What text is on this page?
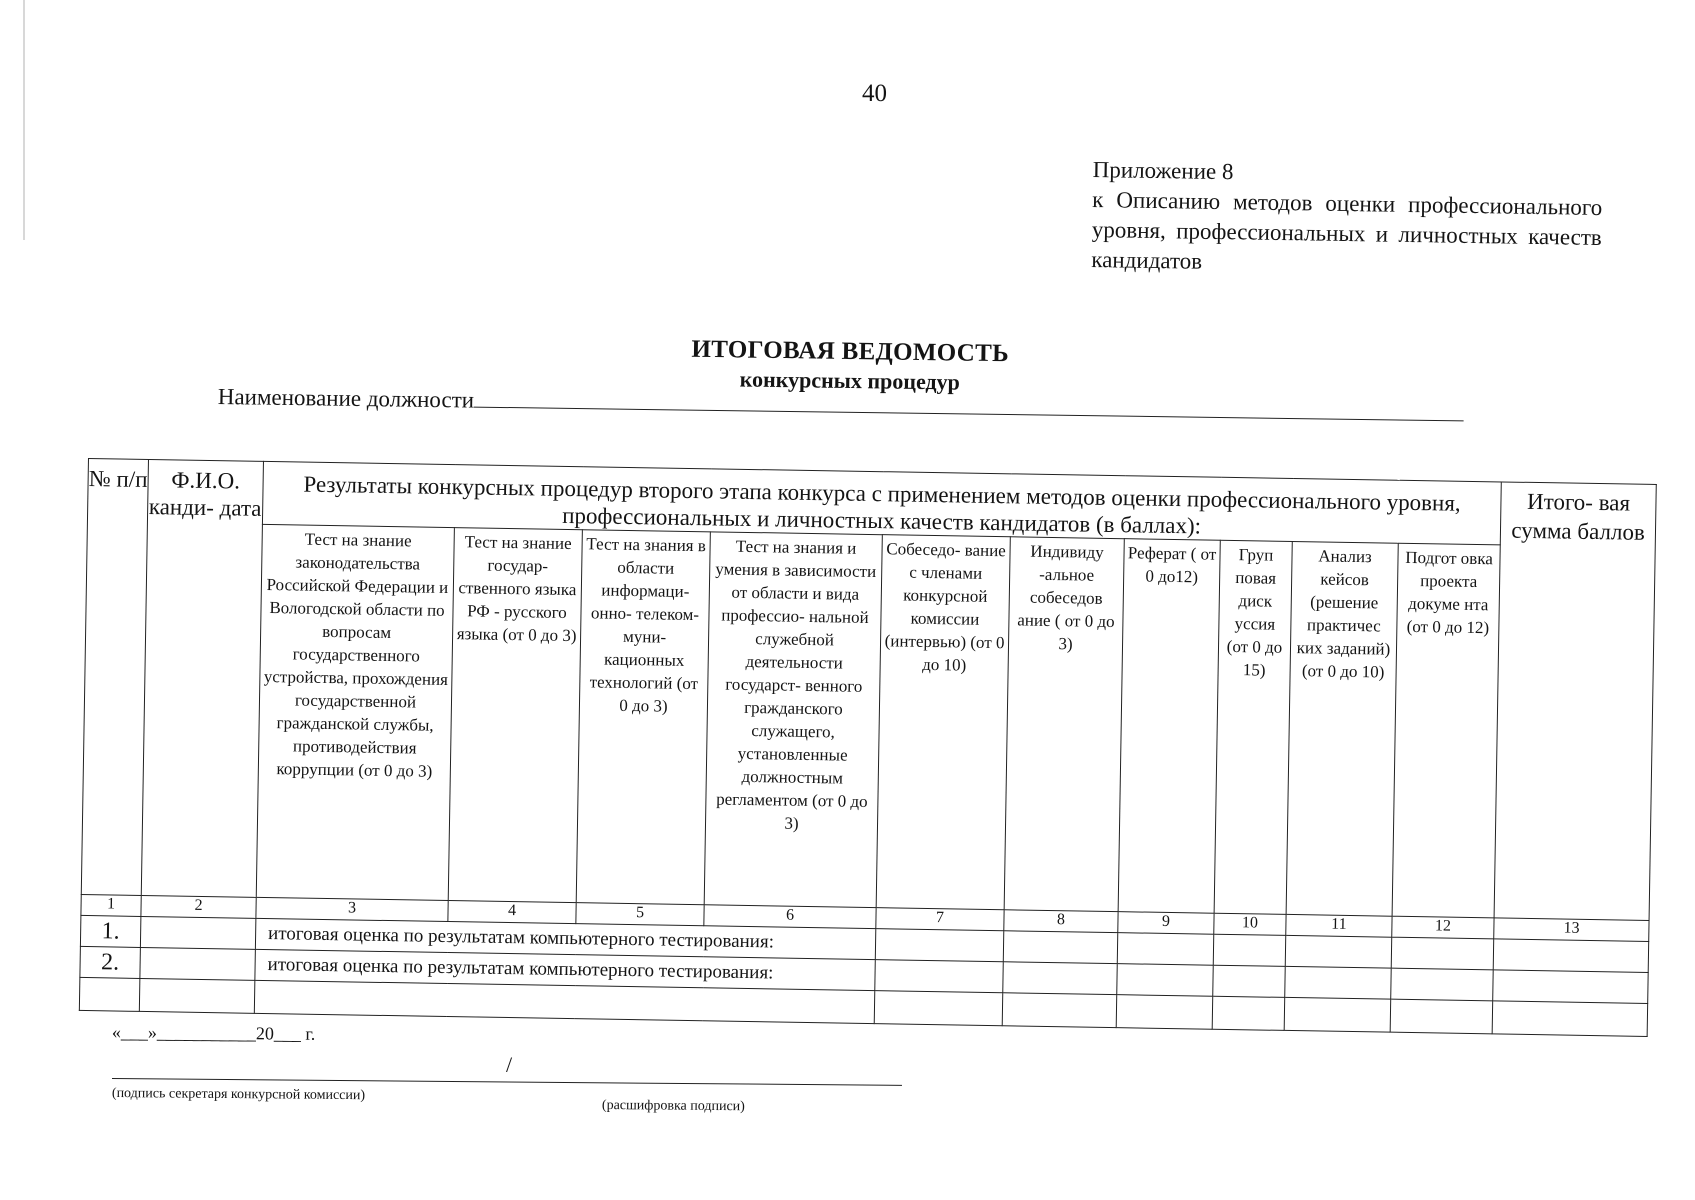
40
Приложение 8
к Описанию методов оценки профессионального уровня, профессиональных и личностных качеств кандидатов
ИТОГОВАЯ ВЕДОМОСТЬ
конкурсных процедур
Наименование должности
№ п/п	Ф.И.О. канди- дата	Результаты конкурсных процедур второго этапа конкурса с применением методов оценки профессионального уровня, профессиональных и личностных качеств кандидатов (в баллах):										Итого- вая сумма баллов
		Тест на знание законодательства Российской Федерации и Вологодской области по вопросам государственного устройства, прохождения государственной гражданской службы, противодействия коррупции (от 0 до 3)	Тест на знание государ- ственного языка РФ - русского языка (от 0 до 3)	Тест на знания в области информаци- онно- телеком- муни- кационных технологий (от 0 до 3)	Тест на знания и умения в зависимости от области и вида профессио- нальной служебной деятельности государст- венного гражданского служащего, установленные должностным регламентом (от 0 до 3)	Собеседо- вание с членами конкурсной комиссии (интервью) (от 0 до 10)	Индивиду -альное собеседов ание ( от 0 до 3)	Реферат ( от 0 до12)	Груп повая диск уссия (от 0 до 15)	Анализ кейсов (решение практичес ких заданий) (от 0 до 10)	Подгот овка проекта докуме нта (от 0 до 12)	
1	2	3	4	5	6	7	8	9	10	11	12	13
1.		итоговая оценка по результатам компьютерного тестирования:										
2.		итоговая оценка по результатам компьютерного тестирования:										

«___»___________20___ г.
/
(подпись секретаря конкурсной комиссии)
(расшифровка подписи)
